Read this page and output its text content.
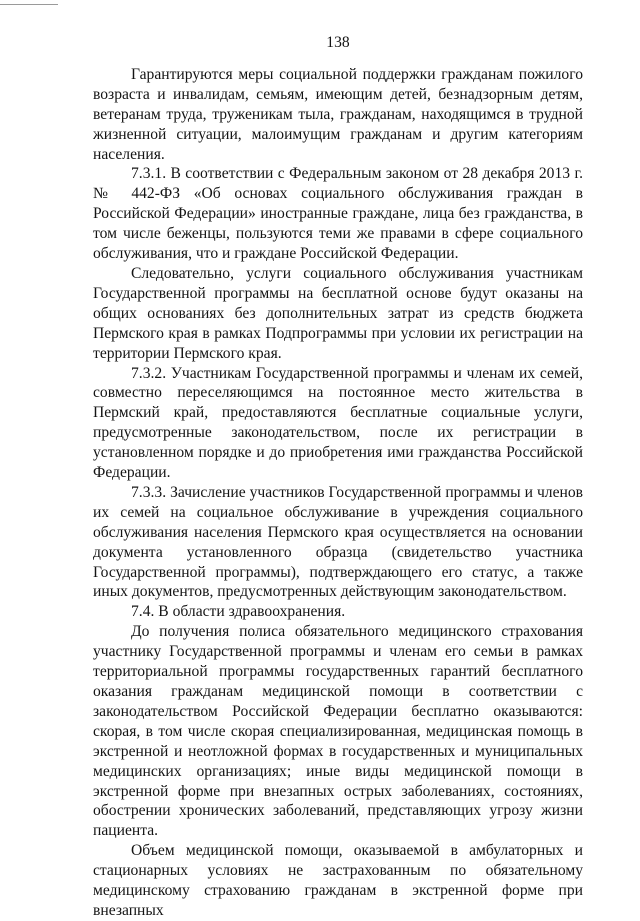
138

Гарантируются меры социальной поддержки гражданам пожилого возраста и инвалидам, семьям, имеющим детей, безнадзорным детям, ветеранам труда, труженикам тыла, гражданам, находящимся в трудной жизненной ситуации, малоимущим гражданам и другим категориям населения.

7.3.1. В соответствии с Федеральным законом от 28 декабря 2013 г. № 442-ФЗ «Об основах социального обслуживания граждан в Российской Федерации» иностранные граждане, лица без гражданства, в том числе беженцы, пользуются теми же правами в сфере социального обслуживания, что и граждане Российской Федерации.

Следовательно, услуги социального обслуживания участникам Государственной программы на бесплатной основе будут оказаны на общих основаниях без дополнительных затрат из средств бюджета Пермского края в рамках Подпрограммы при условии их регистрации на территории Пермского края.

7.3.2. Участникам Государственной программы и членам их семей, совместно переселяющимся на постоянное место жительства в Пермский край, предоставляются бесплатные социальные услуги, предусмотренные законодательством, после их регистрации в установленном порядке и до приобретения ими гражданства Российской Федерации.

7.3.3. Зачисление участников Государственной программы и членов их семей на социальное обслуживание в учреждения социального обслуживания населения Пермского края осуществляется на основании документа установленного образца (свидетельство участника Государственной программы), подтверждающего его статус, а также иных документов, предусмотренных действующим законодательством.

7.4. В области здравоохранения.

До получения полиса обязательного медицинского страхования участнику Государственной программы и членам его семьи в рамках территориальной программы государственных гарантий бесплатного оказания гражданам медицинской помощи в соответствии с законодательством Российской Федерации бесплатно оказываются: скорая, в том числе скорая специализированная, медицинская помощь в экстренной и неотложной формах в государственных и муниципальных медицинских организациях; иные виды медицинской помощи в экстренной форме при внезапных острых заболеваниях, состояниях, обострении хронических заболеваний, представляющих угрозу жизни пациента.

Объем медицинской помощи, оказываемой в амбулаторных и стационарных условиях не застрахованным по обязательному медицинскому страхованию гражданам в экстренной форме при внезапных
